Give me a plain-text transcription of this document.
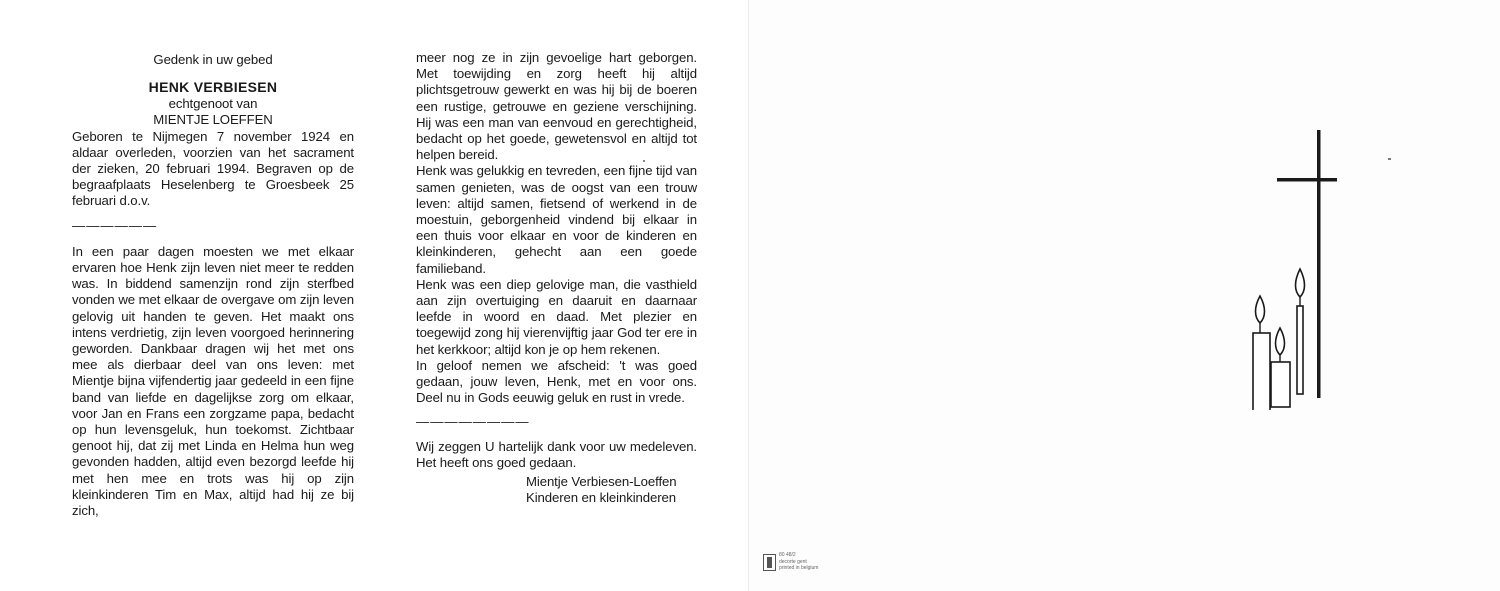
Gedenk in uw gebed

HENK VERBIESEN

echtgenoot van

MIENTJE LOEFFEN

Geboren te Nijmegen 7 november 1924 en aldaar overleden, voorzien van het sacrament der zieken, 20 februari 1994. Begraven op de begraafplaats Heselenberg te Groesbeek 25 februari d.o.v.

——————

In een paar dagen moesten we met elkaar ervaren hoe Henk zijn leven niet meer te redden was. In biddend samenzijn rond zijn sterfbed vonden we met elkaar de overgave om zijn leven gelovig uit handen te geven. Het maakt ons intens verdrietig, zijn leven voorgoed herinnering geworden. Dankbaar dragen wij het met ons mee als dierbaar deel van ons leven: met Mientje bijna vijfendertig jaar gedeeld in een fijne band van liefde en dagelijkse zorg om elkaar, voor Jan en Frans een zorgzame papa, bedacht op hun levensgeluk, hun toekomst. Zichtbaar genoot hij, dat zij met Linda en Helma hun weg gevonden hadden, altijd even bezorgd leefde hij met hen mee en trots was hij op zijn kleinkinderen Tim en Max, altijd had hij ze bij zich,

meer nog ze in zijn gevoelige hart geborgen. Met toewijding en zorg heeft hij altijd plichtsgetrouw gewerkt en was hij bij de boeren een rustige, getrouwe en geziene verschijning. Hij was een man van eenvoud en gerechtigheid, bedacht op het goede, gewetensvol en altijd tot helpen bereid.

Henk was gelukkig en tevreden, een fijne tijd van samen genieten, was de oogst van een trouw leven: altijd samen, fietsend of werkend in de moestuin, geborgenheid vindend bij elkaar in een thuis voor elkaar en voor de kinderen en kleinkinderen, gehecht aan een goede familieband.

Henk was een diep gelovige man, die vasthield aan zijn overtuiging en daaruit en daarnaar leefde in woord en daad. Met plezier en toegewijd zong hij vierenvijftig jaar God ter ere in het kerkkoor; altijd kon je op hem rekenen.

In geloof nemen we afscheid: 't was goed gedaan, jouw leven, Henk, met en voor ons. Deel nu in Gods eeuwig geluk en rust in vrede.

————————

Wij zeggen U hartelijk dank voor uw medeleven. Het heeft ons goed gedaan.

Mientje Verbiesen-Loeffen

Kinderen en kleinkinderen

80 48/2
decorte gent
printed in belgium
